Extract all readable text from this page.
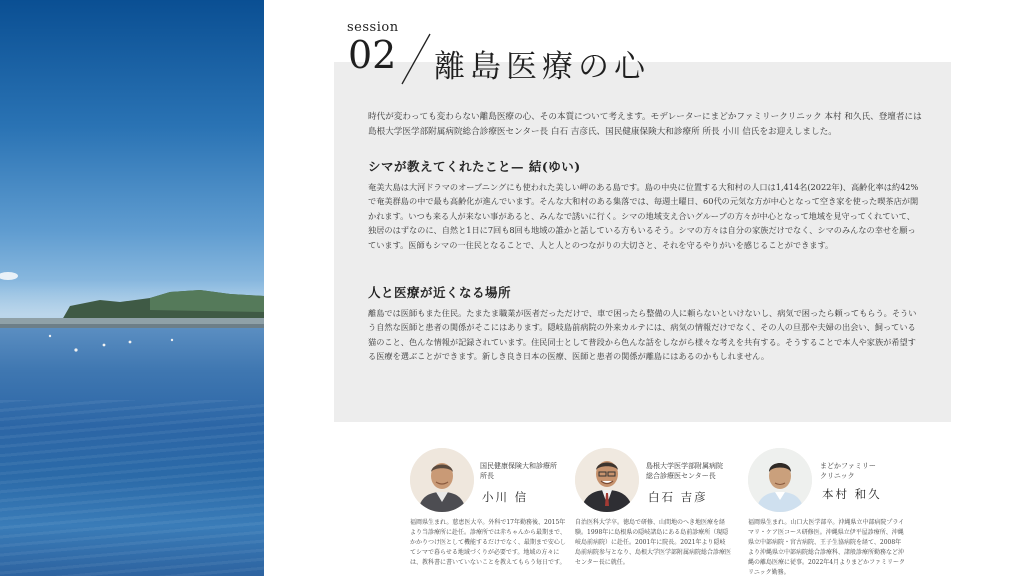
session
02 離島医療の心

時代が変わっても変わらない離島医療の心、その本質について考えます。モデレーターにまどかファミリークリニック 本村 和久氏、登壇者には島根大学医学部附属病院総合診療医センター長 白石 吉彦氏、国民健康保険大和診療所 所長 小川 信氏をお迎えしました。

シマが教えてくれたこと— 結(ゆい)

奄美大島は大河ドラマのオープニングにも使われた美しい岬のある島です。島の中央に位置する大和村の人口は1,414名(2022年)、高齢化率は約42%で奄美群島の中で最も高齢化が進んでいます。そんな大和村のある集落では、毎週土曜日、60代の元気な方が中心となって空き家を使った喫茶店が開かれます。いつも来る人が来ない事があると、みんなで誘いに行く。シマの地域支え合いグループの方々が中心となって地域を見守ってくれていて、独居のはずなのに、自然と1日に7回も8回も地域の誰かと話している方もいるそう。シマの方々は自分の家族だけでなく、シマのみんなの幸せを願っています。医師もシマの一住民となることで、人と人とのつながりの大切さと、それを守るやりがいを感じることができます。

人と医療が近くなる場所

離島では医師もまた住民。たまたま職業が医者だっただけで、車で困ったら整備の人に頼らないといけないし、病気で困ったら頼ってもらう。そういう自然な医師と患者の関係がそこにはあります。隠岐島前病院の外来カルテには、病気の情報だけでなく、その人の旦那や夫婦の出会い、飼っている猫のこと、色んな情報が記録されています。住民同士として普段から色んな話をしながら様々な考えを共有する。そうすることで本人や家族が希望する医療を選ぶことができます。新しき良き日本の医療、医師と患者の関係が離島にはあるのかもしれません。

国民健康保険大和診療所
所長
小川 信
福岡県生まれ。慈恵医大卒。外科で17年勤務後、2015年より当診療所に赴任。診療所では赤ちゃんから最期まで、かかりつけ医として機能するだけでなく、最期まで安心してシマで暮らせる地域づくりが必要です。地域の方々には、教科書に書いていないことを教えてもらう毎日です。
島根大学医学部附属病院
総合診療医センター長
白石 吉彦
自治医科大学卒。徳島で研修、山間地のへき地医療を経験。1998年に島根県の隠岐諸島にある島前診療所（現隠岐島前病院）に赴任。2001年に院長。2021年より隠岐島前病院参与となり、島根大学医学部附属病院総合診療医センター長に就任。
まどかファミリー
クリニック
本村 和久
福岡県生まれ。山口大医学部卒。沖縄県立中部病院プライマリ・ケア医コース研修医。沖縄県立伊平屋診療所、沖縄県立中部病院・宮古病院、王子生協病院を経て、2008年より沖縄県立中部病院総合診療科、諸般診療所勤務など沖縄の離島医療に従事。2022年4月よりまどかファミリークリニック勤務。
